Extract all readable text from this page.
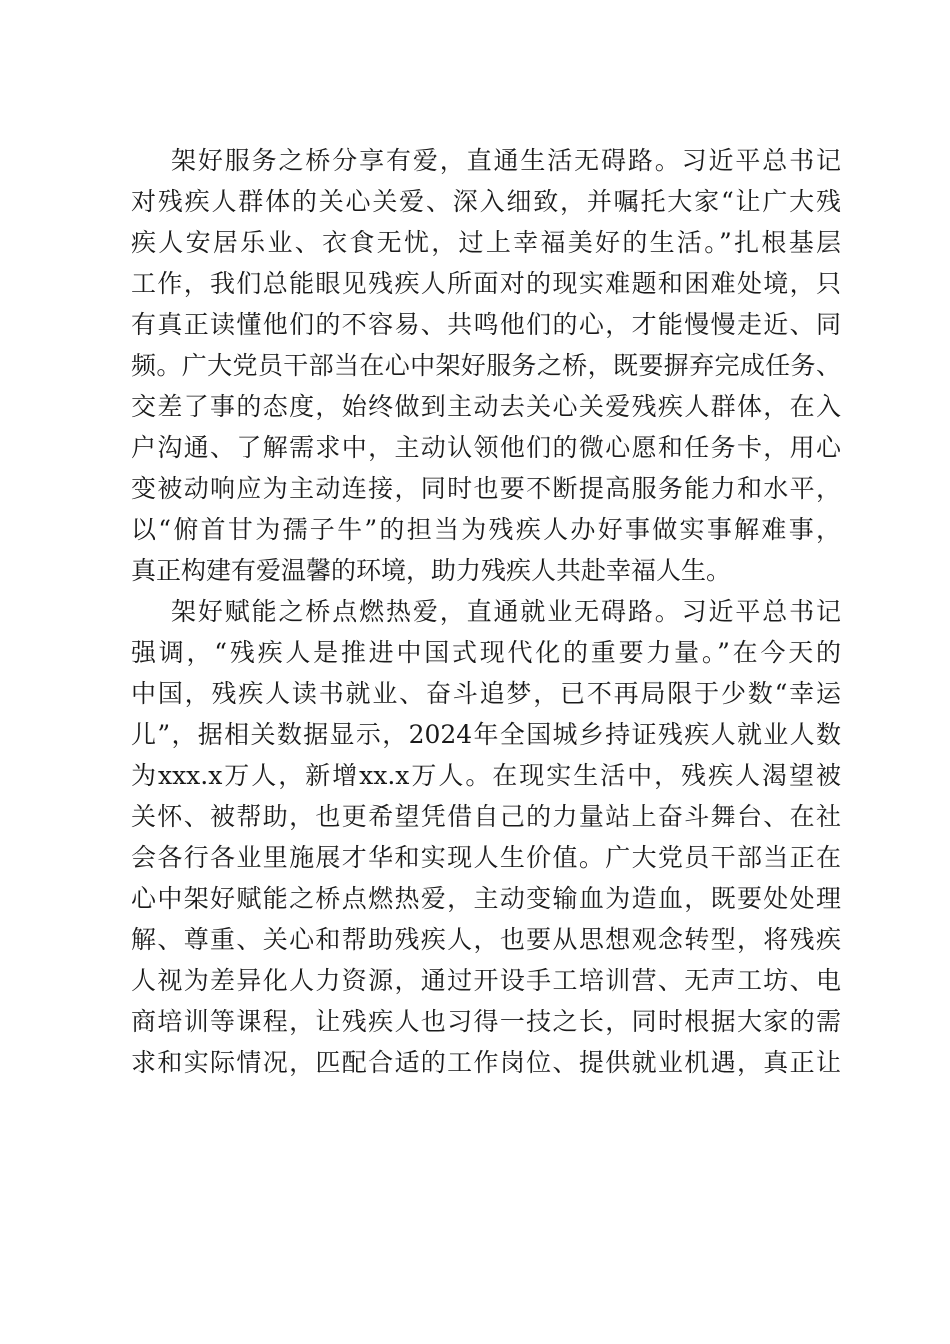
架好服务之桥分享有爱，直通生活无碍路。习近平总书记
对残疾人群体的关心关爱、深入细致，并嘱托大家“让广大残
疾人安居乐业、衣食无忧，过上幸福美好的生活。”扎根基层
工作，我们总能眼见残疾人所面对的现实难题和困难处境，只
有真正读懂他们的不容易、共鸣他们的心，才能慢慢走近、同
频。广大党员干部当在心中架好服务之桥，既要摒弃完成任务、
交差了事的态度，始终做到主动去关心关爱残疾人群体，在入
户沟通、了解需求中，主动认领他们的微心愿和任务卡，用心
变被动响应为主动连接，同时也要不断提高服务能力和水平，
以“俯首甘为孺子牛”的担当为残疾人办好事做实事解难事，
真正构建有爱温馨的环境，助力残疾人共赴幸福人生。
架好赋能之桥点燃热爱，直通就业无碍路。习近平总书记
强调，“残疾人是推进中国式现代化的重要力量。”在今天的
中国，残疾人读书就业、奋斗追梦，已不再局限于少数“幸运
儿”，据相关数据显示，2024年全国城乡持证残疾人就业人数
为xxx.x万人，新增xx.x万人。在现实生活中，残疾人渴望被
关怀、被帮助，也更希望凭借自己的力量站上奋斗舞台、在社
会各行各业里施展才华和实现人生价值。广大党员干部当正在
心中架好赋能之桥点燃热爱，主动变输血为造血，既要处处理
解、尊重、关心和帮助残疾人，也要从思想观念转型，将残疾
人视为差异化人力资源，通过开设手工培训营、无声工坊、电
商培训等课程，让残疾人也习得一技之长，同时根据大家的需
求和实际情况，匹配合适的工作岗位、提供就业机遇，真正让
